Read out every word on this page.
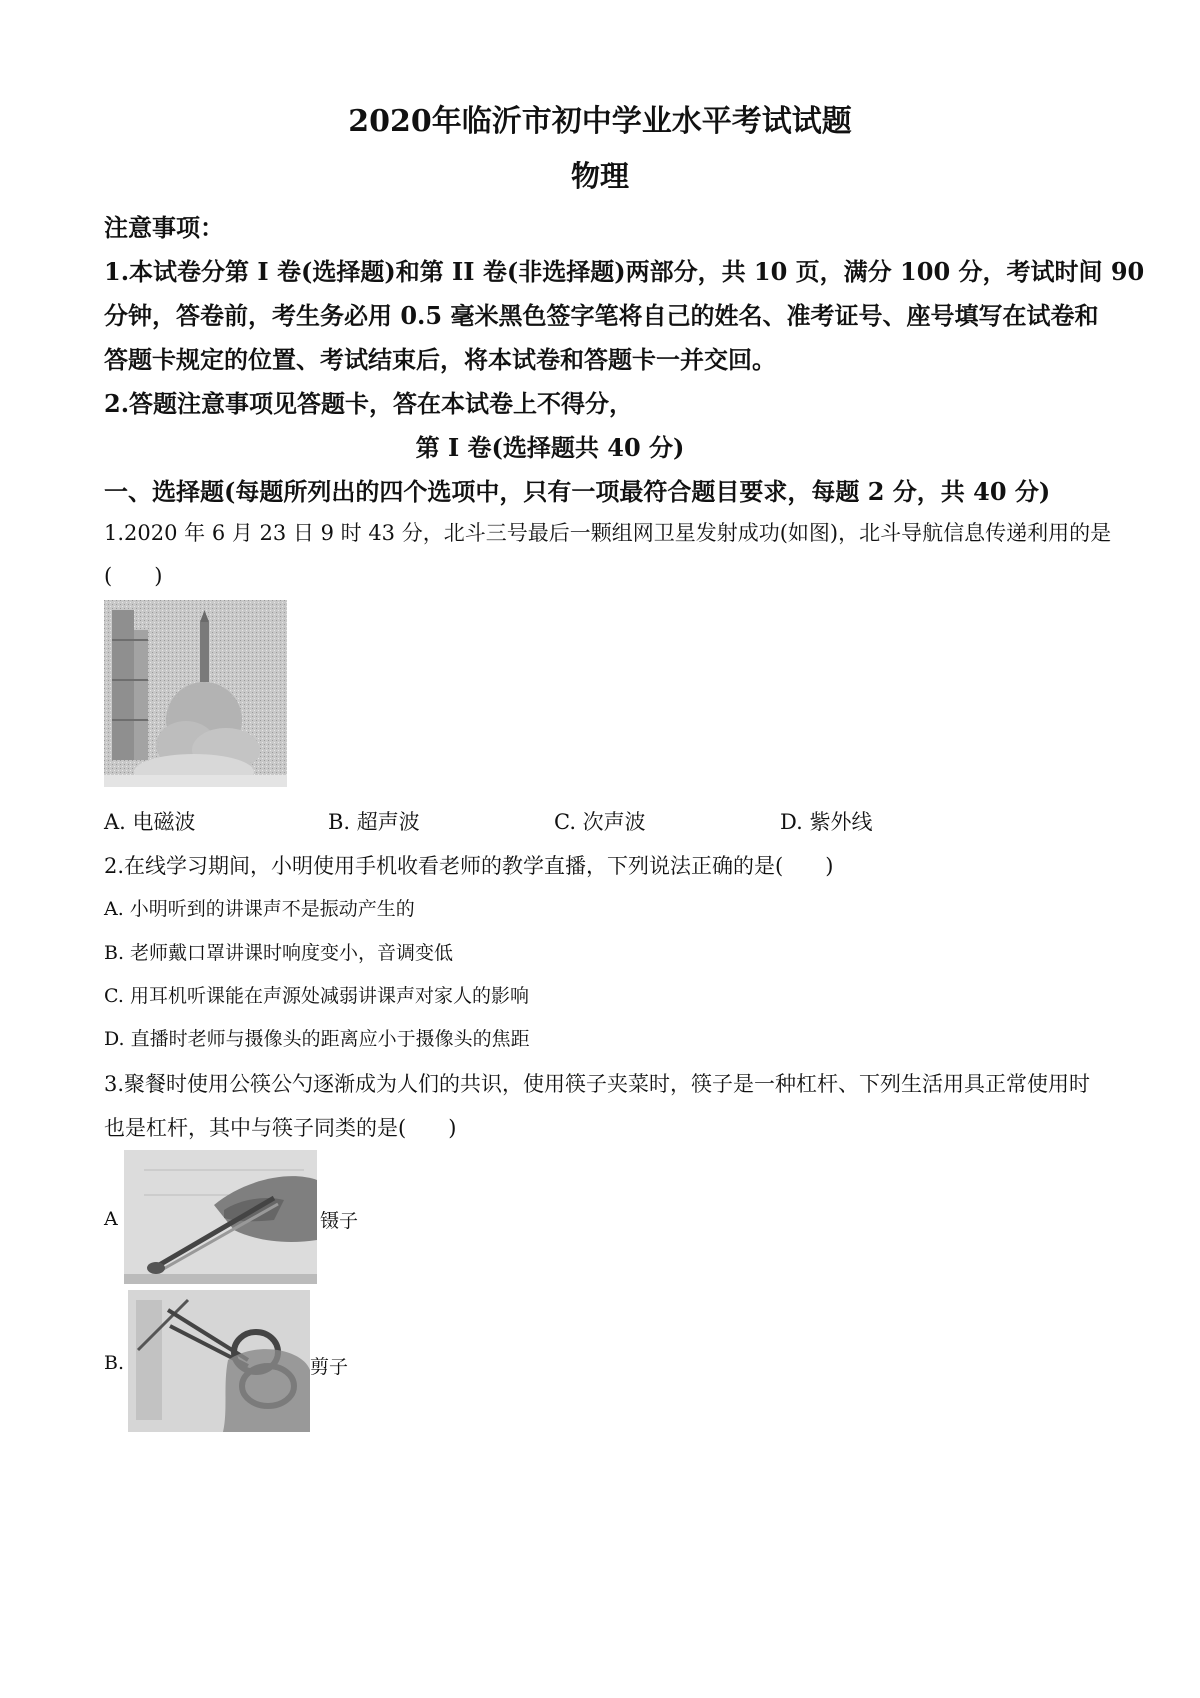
2020年临沂市初中学业水平考试试题
物理
注意事项：
1.本试卷分第 I 卷(选择题)和第 II 卷(非选择题)两部分，共 10 页，满分 100 分，考试时间 90
分钟，答卷前，考生务必用 0.5 毫米黑色签字笔将自己的姓名、准考证号、座号填写在试卷和
答题卡规定的位置、考试结束后，将本试卷和答题卡一并交回。
2.答题注意事项见答题卡，答在本试卷上不得分，
第 I 卷(选择题共 40 分)
一、选择题(每题所列出的四个选项中，只有一项最符合题目要求，每题 2 分，共 40 分)
1.2020 年 6 月 23 日 9 时 43 分，北斗三号最后一颗组网卫星发射成功(如图)，北斗导航信息传递利用的是
(　　)
A. 电磁波	B. 超声波	C. 次声波	D. 紫外线
2.在线学习期间，小明使用手机收看老师的教学直播，下列说法正确的是(　　)
A. 小明听到的讲课声不是振动产生的
B. 老师戴口罩讲课时响度变小，音调变低
C. 用耳机听课能在声源处减弱讲课声对家人的影响
D. 直播时老师与摄像头的距离应小于摄像头的焦距
3.聚餐时使用公筷公勺逐渐成为人们的共识，使用筷子夹菜时，筷子是一种杠杆、下列生活用具正常使用时
也是杠杆，其中与筷子同类的是(　　)
A	镊子
B.	剪子
